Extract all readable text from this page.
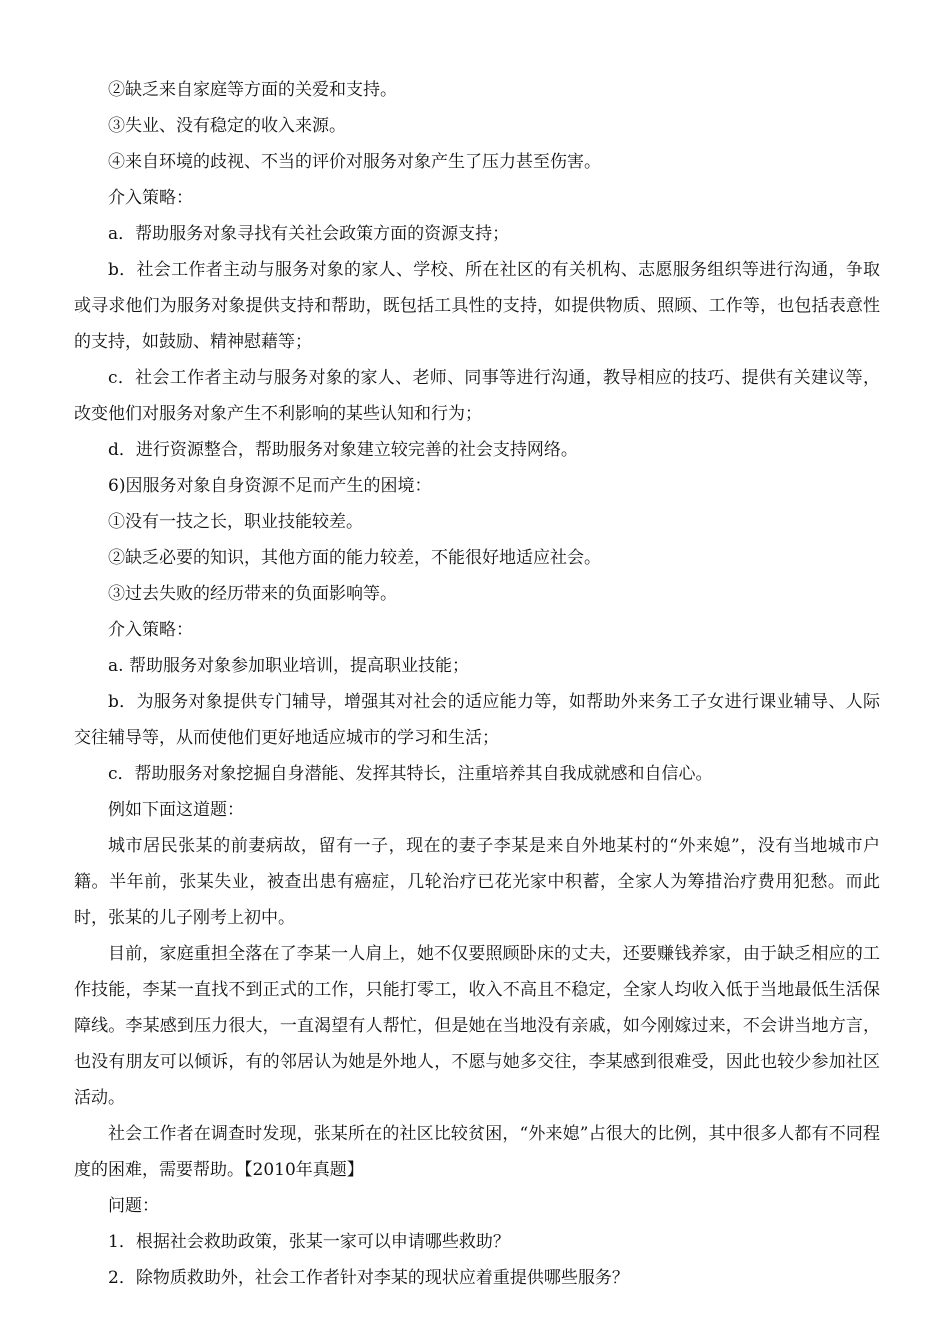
②缺乏来自家庭等方面的关爱和支持。

③失业、没有稳定的收入来源。

④来自环境的歧视、不当的评价对服务对象产生了压力甚至伤害。

介入策略：

a．帮助服务对象寻找有关社会政策方面的资源支持；

b．社会工作者主动与服务对象的家人、学校、所在社区的有关机构、志愿服务组织等进行沟通，争取或寻求他们为服务对象提供支持和帮助，既包括工具性的支持，如提供物质、照顾、工作等，也包括表意性的支持，如鼓励、精神慰藉等；

c．社会工作者主动与服务对象的家人、老师、同事等进行沟通，教导相应的技巧、提供有关建议等，改变他们对服务对象产生不利影响的某些认知和行为；

d．进行资源整合，帮助服务对象建立较完善的社会支持网络。

6)因服务对象自身资源不足而产生的困境：

①没有一技之长，职业技能较差。

②缺乏必要的知识，其他方面的能力较差，不能很好地适应社会。

③过去失败的经历带来的负面影响等。

介入策略：

a. 帮助服务对象参加职业培训，提高职业技能；

b．为服务对象提供专门辅导，增强其对社会的适应能力等，如帮助外来务工子女进行课业辅导、人际交往辅导等，从而使他们更好地适应城市的学习和生活；

c．帮助服务对象挖掘自身潜能、发挥其特长，注重培养其自我成就感和自信心。

例如下面这道题：

城市居民张某的前妻病故，留有一子，现在的妻子李某是来自外地某村的“外来媳”，没有当地城市户籍。半年前，张某失业，被查出患有癌症，几轮治疗已花光家中积蓄，全家人为筹措治疗费用犯愁。而此时，张某的儿子刚考上初中。

目前，家庭重担全落在了李某一人肩上，她不仅要照顾卧床的丈夫，还要赚钱养家，由于缺乏相应的工作技能，李某一直找不到正式的工作，只能打零工，收入不高且不稳定，全家人均收入低于当地最低生活保障线。李某感到压力很大，一直渴望有人帮忙，但是她在当地没有亲戚，如今刚嫁过来，不会讲当地方言，也没有朋友可以倾诉，有的邻居认为她是外地人，不愿与她多交往，李某感到很难受，因此也较少参加社区活动。

社会工作者在调查时发现，张某所在的社区比较贫困，“外来媳”占很大的比例，其中很多人都有不同程度的困难，需要帮助。【2010年真题】

问题：

1．根据社会救助政策，张某一家可以申请哪些救助？

2．除物质救助外，社会工作者针对李某的现状应着重提供哪些服务？
